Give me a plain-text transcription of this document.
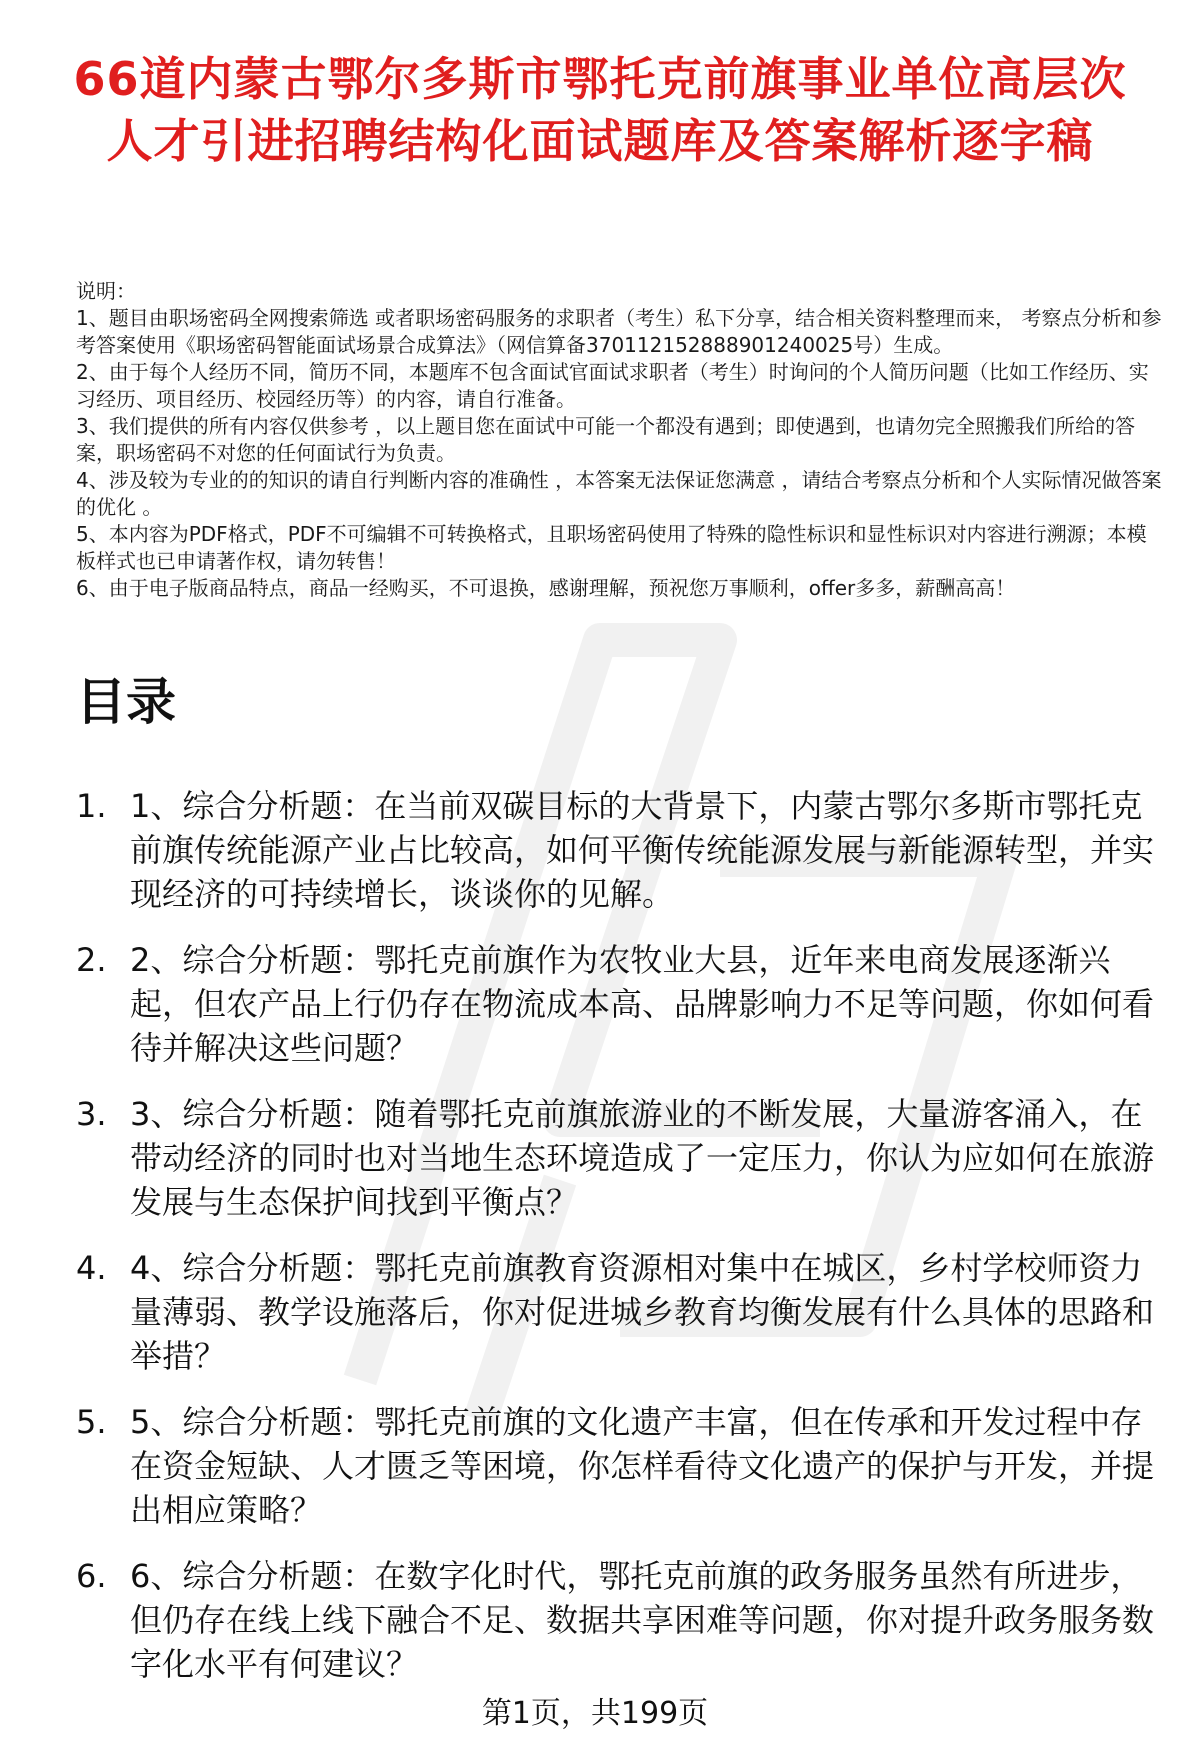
66道内蒙古鄂尔多斯市鄂托克前旗事业单位高层次人才引进招聘结构化面试题库及答案解析逐字稿

说明：

1、题目由职场密码全网搜索筛选 或者职场密码服务的求职者（考生）私下分享，结合相关资料整理而来， 考察点分析和参考答案使用《职场密码智能面试场景合成算法》（网信算备370112152888901240025号）生成。

2、由于每个人经历不同，简历不同，本题库不包含面试官面试求职者（考生）时询问的个人简历问题（比如工作经历、实习经历、项目经历、校园经历等）的内容，请自行准备。

3、我们提供的所有内容仅供参考 ，以上题目您在面试中可能一个都没有遇到；即使遇到，也请勿完全照搬我们所给的答案，职场密码不对您的任何面试行为负责。

4、涉及较为专业的的知识的请自行判断内容的准确性 ，本答案无法保证您满意 ，请结合考察点分析和个人实际情况做答案的优化 。

5、本内容为PDF格式，PDF不可编辑不可转换格式，且职场密码使用了特殊的隐性标识和显性标识对内容进行溯源；本模板样式也已申请著作权，请勿转售！

6、由于电子版商品特点，商品一经购买，不可退换，感谢理解，预祝您万事顺利，offer多多，薪酬高高！

目录
1. 1、综合分析题：在当前双碳目标的大背景下，内蒙古鄂尔多斯市鄂托克前旗传统能源产业占比较高，如何平衡传统能源发展与新能源转型，并实现经济的可持续增长，谈谈你的见解。
2. 2、综合分析题：鄂托克前旗作为农牧业大县，近年来电商发展逐渐兴起，但农产品上行仍存在物流成本高、品牌影响力不足等问题，你如何看待并解决这些问题？
3. 3、综合分析题：随着鄂托克前旗旅游业的不断发展，大量游客涌入，在带动经济的同时也对当地生态环境造成了一定压力，你认为应如何在旅游发展与生态保护间找到平衡点？
4. 4、综合分析题：鄂托克前旗教育资源相对集中在城区，乡村学校师资力量薄弱、教学设施落后，你对促进城乡教育均衡发展有什么具体的思路和举措？
5. 5、综合分析题：鄂托克前旗的文化遗产丰富，但在传承和开发过程中存在资金短缺、人才匮乏等困境，你怎样看待文化遗产的保护与开发，并提出相应策略？
6. 6、综合分析题：在数字化时代，鄂托克前旗的政务服务虽然有所进步，但仍存在线上线下融合不足、数据共享困难等问题，你对提升政务服务数字化水平有何建议？
第1页，共199页
